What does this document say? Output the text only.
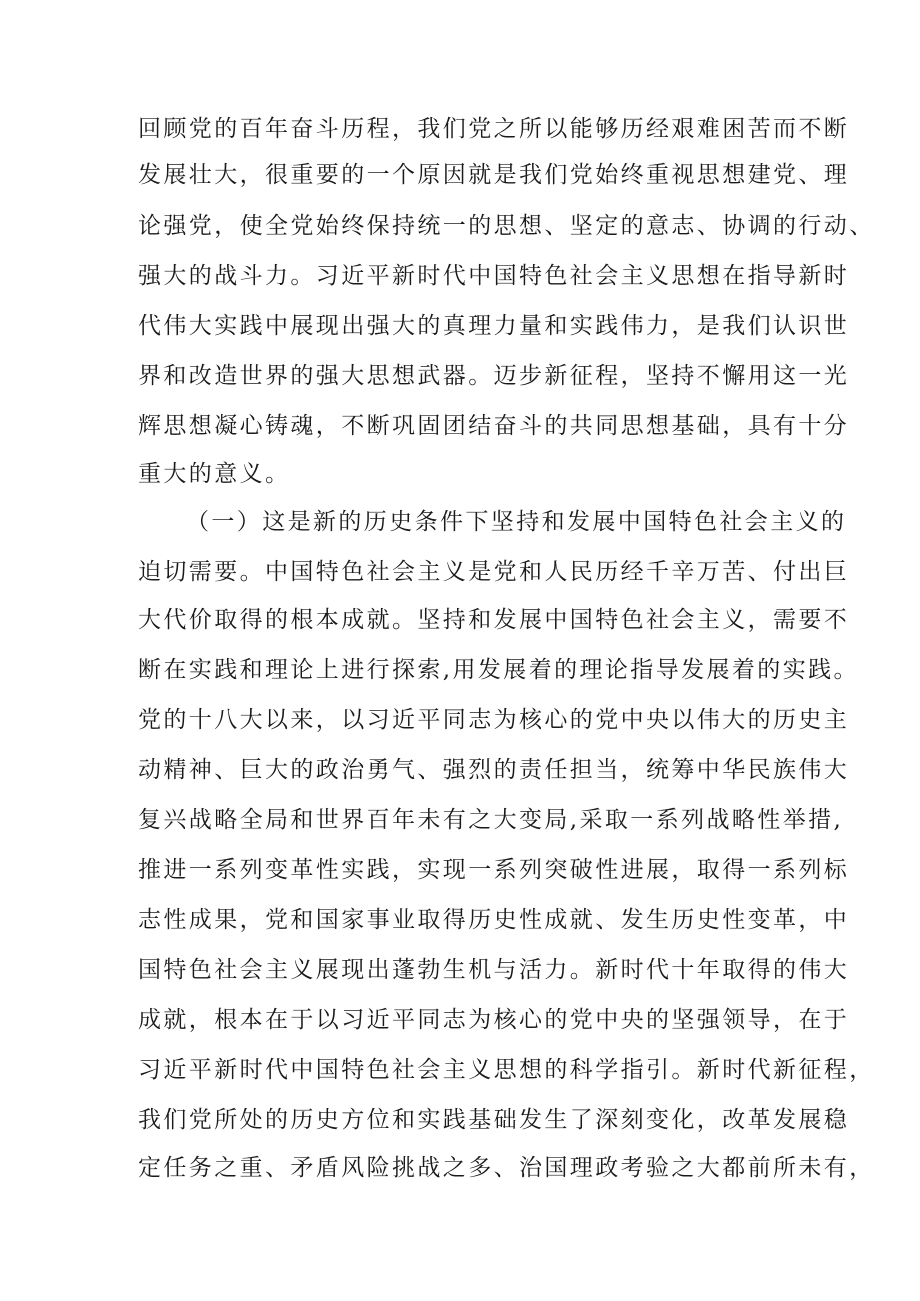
回顾党的百年奋斗历程，我们党之所以能够历经艰难困苦而不断
发展壮大，很重要的一个原因就是我们党始终重视思想建党、理
论强党，使全党始终保持统一的思想、坚定的意志、协调的行动、
强大的战斗力。习近平新时代中国特色社会主义思想在指导新时
代伟大实践中展现出强大的真理力量和实践伟力，是我们认识世
界和改造世界的强大思想武器。迈步新征程，坚持不懈用这一光
辉思想凝心铸魂，不断巩固团结奋斗的共同思想基础，具有十分
重大的意义。
（一）这是新的历史条件下坚持和发展中国特色社会主义的
迫切需要。中国特色社会主义是党和人民历经千辛万苦、付出巨
大代价取得的根本成就。坚持和发展中国特色社会主义，需要不
断在实践和理论上进行探索,用发展着的理论指导发展着的实践。
党的十八大以来，以习近平同志为核心的党中央以伟大的历史主
动精神、巨大的政治勇气、强烈的责任担当，统筹中华民族伟大
复兴战略全局和世界百年未有之大变局,采取一系列战略性举措,
推进一系列变革性实践，实现一系列突破性进展，取得一系列标
志性成果，党和国家事业取得历史性成就、发生历史性变革，中
国特色社会主义展现出蓬勃生机与活力。新时代十年取得的伟大
成就，根本在于以习近平同志为核心的党中央的坚强领导，在于
习近平新时代中国特色社会主义思想的科学指引。新时代新征程，
我们党所处的历史方位和实践基础发生了深刻变化，改革发展稳
定任务之重、矛盾风险挑战之多、治国理政考验之大都前所未有，
